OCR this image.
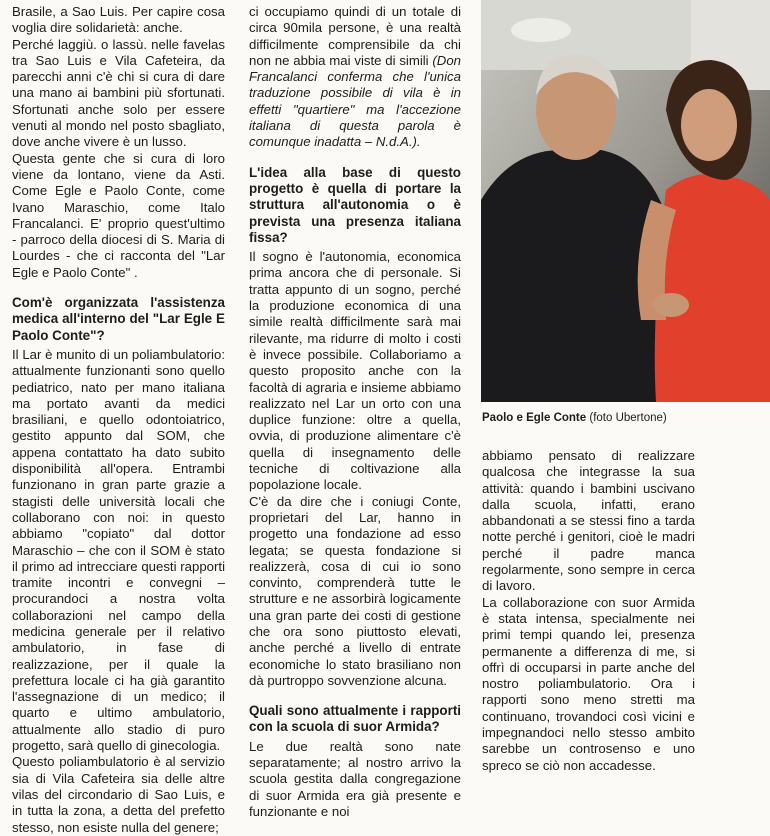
Brasile, a Sao Luis. Per capire cosa voglia dire solidarietà: anche.

Perché laggiù. o lassù. nelle favelas tra Sao Luis e Vila Cafeteira, da parecchi anni c'è chi si cura di dare una mano ai bambini più sfortunati. Sfortunati anche solo per essere venuti al mondo nel posto sbagliato, dove anche vivere è un lusso.

Questa gente che si cura di loro viene da lontano, viene da Asti. Come Egle e Paolo Conte, come Ivano Maraschio, come Italo Francalanci. E' proprio quest'ultimo - parroco della diocesi di S. Maria di Lourdes - che ci racconta del "Lar Egle e Paolo Conte" .

Com'è organizzata l'assistenza medica all'interno del "Lar Egle E Paolo Conte"?

Il Lar è munito di un poliambulatorio: attualmente funzionanti sono quello pediatrico, nato per mano italiana ma portato avanti da medici brasiliani, e quello odontoiatrico, gestito appunto dal SOM, che appena contattato ha dato subito disponibilità all'opera. Entrambi funzionano in gran parte grazie a stagisti delle università locali che collaborano con noi: in questo abbiamo "copiato" dal dottor Maraschio – che con il SOM è stato il primo ad intrecciare questi rapporti tramite incontri e convegni – procurandoci a nostra volta collaborazioni nel campo della medicina generale per il relativo ambulatorio, in fase di realizzazione, per il quale la prefettura locale ci ha già garantito l'assegnazione di un medico; il quarto e ultimo ambulatorio, attualmente allo stadio di puro progetto, sarà quello di ginecologia.

Questo poliambulatorio è al servizio sia di Vila Cafeteira sia delle altre vilas del circondario di Sao Luis, e in tutta la zona, a detta del prefetto stesso, non esiste nulla del genere;

ci occupiamo quindi di un totale di circa 90mila persone, è una realtà difficilmente comprensibile da chi non ne abbia mai viste di simili (Don Francalanci conferma che l'unica traduzione possibile di vila è in effetti "quartiere" ma l'accezione italiana di questa parola è comunque inadatta – N.d.A.).

L'idea alla base di questo progetto è quella di portare la struttura all'autonomia o è prevista una presenza italiana fissa?

Il sogno è l'autonomia, economica prima ancora che di personale. Si tratta appunto di un sogno, perché la produzione economica di una simile realtà difficilmente sarà mai rilevante, ma ridurre di molto i costi è invece possibile. Collaboriamo a questo proposito anche con la facoltà di agraria e insieme abbiamo realizzato nel Lar un orto con una duplice funzione: oltre a quella, ovvia, di produzione alimentare c'è quella di insegnamento delle tecniche di coltivazione alla popolazione locale.

C'è da dire che i coniugi Conte, proprietari del Lar, hanno in progetto una fondazione ad esso legata; se questa fondazione si realizzerà, cosa di cui io sono convinto, comprenderà tutte le strutture e ne assorbirà logicamente una gran parte dei costi di gestione che ora sono piuttosto elevati, anche perché a livello di entrate economiche lo stato brasiliano non dà purtroppo sovvenzione alcuna.

Quali sono attualmente i rapporti con la scuola di suor Armida?

Le due realtà sono nate separatamente; al nostro arrivo la scuola gestita dalla congregazione di suor Armida era già presente e funzionante e noi

Paolo e Egle Conte (foto Ubertone)

abbiamo pensato di realizzare qualcosa che integrasse la sua attività: quando i bambini uscivano dalla scuola, infatti, erano abbandonati a se stessi fino a tarda notte perché i genitori, cioè le madri perché il padre manca regolarmente, sono sempre in cerca di lavoro.

La collaborazione con suor Armida è stata intensa, specialmente nei primi tempi quando lei, presenza permanente a differenza di me, si offrì di occuparsi in parte anche del nostro poliambulatorio. Ora i rapporti sono meno stretti ma continuano, trovandoci così vicini e impegnandoci nello stesso ambito sarebbe un controsenso e uno spreco se ciò non accadesse.
